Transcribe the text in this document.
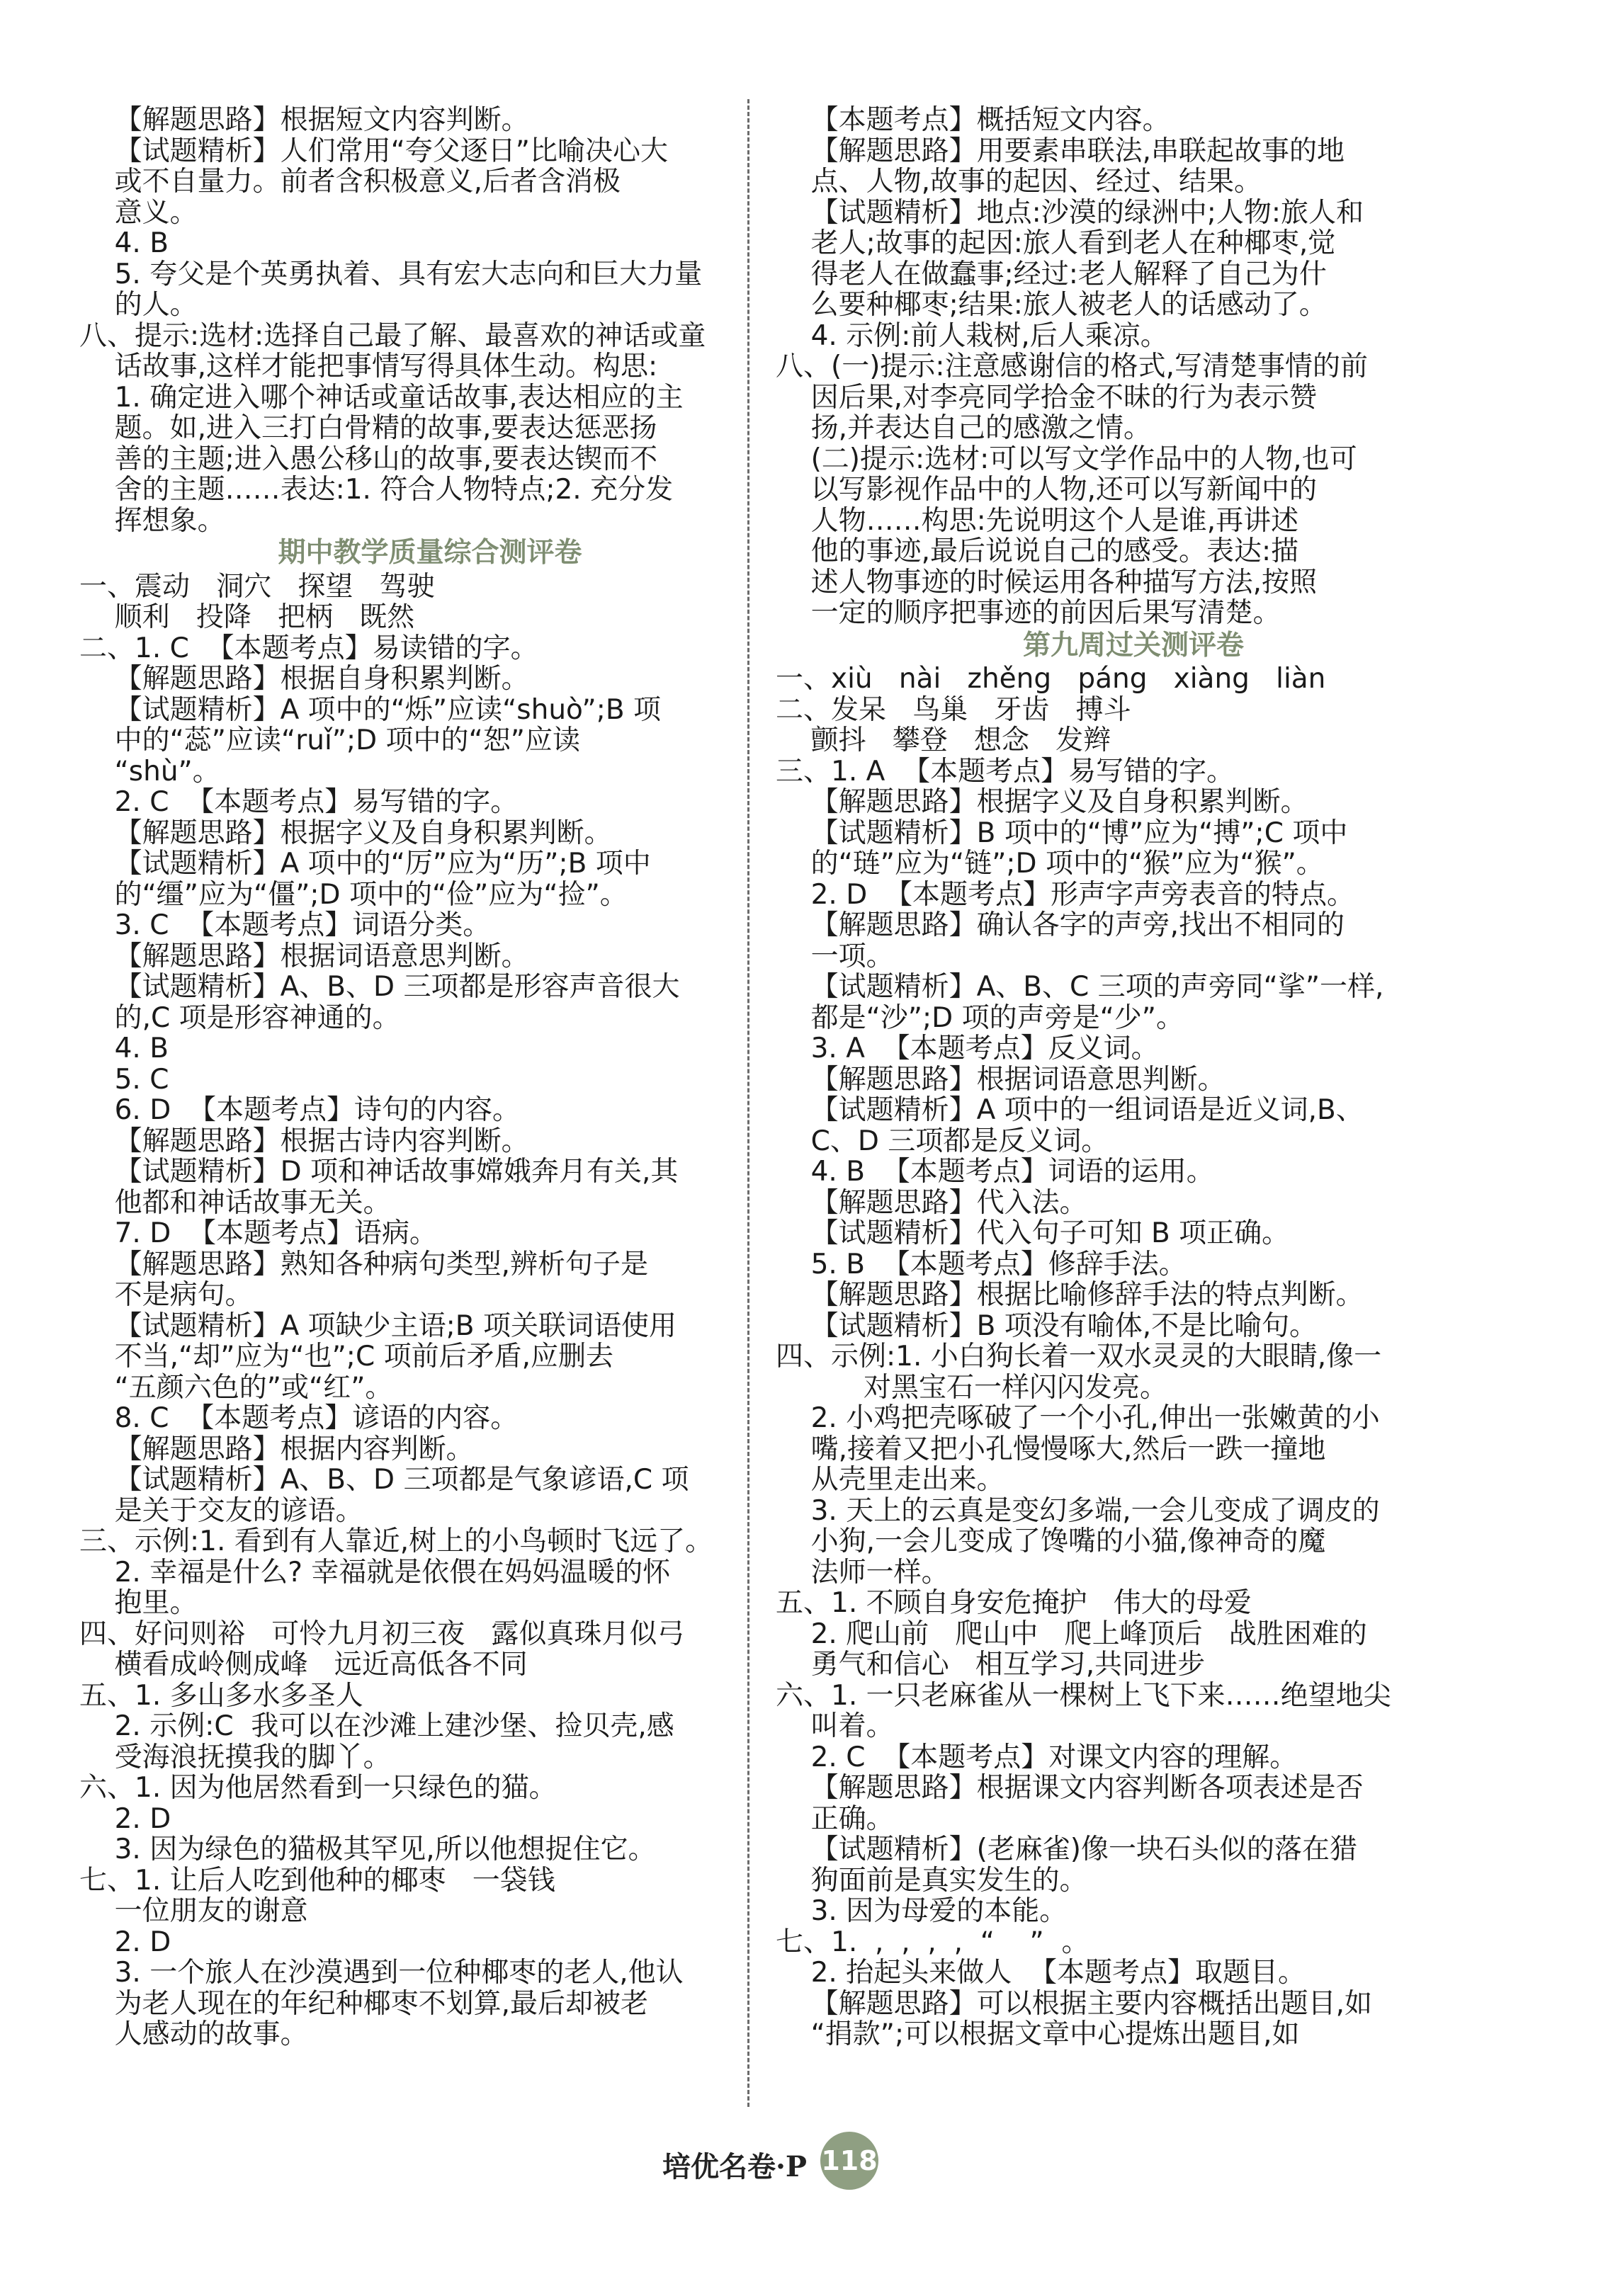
【解题思路】根据短文内容判断。
【试题精析】人们常用“夸父逐日”比喻决心大
或不自量力。前者含积极意义,后者含消极
意义。
4. B
5. 夸父是个英勇执着、具有宏大志向和巨大力量
的人。
八、提示:选材:选择自己最了解、最喜欢的神话或童
话故事,这样才能把事情写得具体生动。构思:
1. 确定进入哪个神话或童话故事,表达相应的主
题。如,进入三打白骨精的故事,要表达惩恶扬
善的主题;进入愚公移山的故事,要表达锲而不
舍的主题……表达:1. 符合人物特点;2. 充分发
挥想象。
期中教学质量综合测评卷
一、震动   洞穴   探望   驾驶
顺利   投降   把柄   既然
二、1. C  【本题考点】易读错的字。
【解题思路】根据自身积累判断。
【试题精析】A 项中的“烁”应读“shuò”;B 项
中的“蕊”应读“ruǐ”;D 项中的“恕”应读
“shù”。
2. C  【本题考点】易写错的字。
【解题思路】根据字义及自身积累判断。
【试题精析】A 项中的“厉”应为“历”;B 项中
的“缰”应为“僵”;D 项中的“俭”应为“捡”。
3. C  【本题考点】词语分类。
【解题思路】根据词语意思判断。
【试题精析】A、B、D 三项都是形容声音很大
的,C 项是形容神通的。
4. B
5. C
6. D  【本题考点】诗句的内容。
【解题思路】根据古诗内容判断。
【试题精析】D 项和神话故事嫦娥奔月有关,其
他都和神话故事无关。
7. D  【本题考点】语病。
【解题思路】熟知各种病句类型,辨析句子是
不是病句。
【试题精析】A 项缺少主语;B 项关联词语使用
不当,“却”应为“也”;C 项前后矛盾,应删去
“五颜六色的”或“红”。
8. C  【本题考点】谚语的内容。
【解题思路】根据内容判断。
【试题精析】A、B、D 三项都是气象谚语,C 项
是关于交友的谚语。
三、示例:1. 看到有人靠近,树上的小鸟顿时飞远了。
2. 幸福是什么? 幸福就是依偎在妈妈温暖的怀
抱里。
四、好问则裕   可怜九月初三夜   露似真珠月似弓
横看成岭侧成峰   远近高低各不同
五、1. 多山多水多圣人
2. 示例:C  我可以在沙滩上建沙堡、捡贝壳,感
受海浪抚摸我的脚丫。
六、1. 因为他居然看到一只绿色的猫。
2. D
3. 因为绿色的猫极其罕见,所以他想捉住它。
七、1. 让后人吃到他种的椰枣   一袋钱
一位朋友的谢意
2. D
3. 一个旅人在沙漠遇到一位种椰枣的老人,他认
为老人现在的年纪种椰枣不划算,最后却被老
人感动的故事。
【本题考点】概括短文内容。
【解题思路】用要素串联法,串联起故事的地
点、人物,故事的起因、经过、结果。
【试题精析】地点:沙漠的绿洲中;人物:旅人和
老人;故事的起因:旅人看到老人在种椰枣,觉
得老人在做蠢事;经过:老人解释了自己为什
么要种椰枣;结果:旅人被老人的话感动了。
4. 示例:前人栽树,后人乘凉。
八、(一)提示:注意感谢信的格式,写清楚事情的前
因后果,对李亮同学拾金不昧的行为表示赞
扬,并表达自己的感激之情。
(二)提示:选材:可以写文学作品中的人物,也可
以写影视作品中的人物,还可以写新闻中的
人物……构思:先说明这个人是谁,再讲述
他的事迹,最后说说自己的感受。表达:描
述人物事迹的时候运用各种描写方法,按照
一定的顺序把事迹的前因后果写清楚。
第九周过关测评卷
一、xiù   nài   zhěng   páng   xiàng   liàn
二、发呆   鸟巢   牙齿   搏斗
颤抖   攀登   想念   发辫
三、1. A  【本题考点】易写错的字。
【解题思路】根据字义及自身积累判断。
【试题精析】B 项中的“博”应为“搏”;C 项中
的“琏”应为“链”;D 项中的“猴”应为“猴”。
2. D  【本题考点】形声字声旁表音的特点。
【解题思路】确认各字的声旁,找出不相同的
一项。
【试题精析】A、B、C 三项的声旁同“挲”一样,
都是“沙”;D 项的声旁是“少”。
3. A  【本题考点】反义词。
【解题思路】根据词语意思判断。
【试题精析】A 项中的一组词语是近义词,B、
C、D 三项都是反义词。
4. B  【本题考点】词语的运用。
【解题思路】代入法。
【试题精析】代入句子可知 B 项正确。
5. B  【本题考点】修辞手法。
【解题思路】根据比喻修辞手法的特点判断。
【试题精析】B 项没有喻体,不是比喻句。
四、示例:1. 小白狗长着一双水灵灵的大眼睛,像一
对黑宝石一样闪闪发亮。
2. 小鸡把壳啄破了一个小孔,伸出一张嫩黄的小
嘴,接着又把小孔慢慢啄大,然后一跌一撞地
从壳里走出来。
3. 天上的云真是变幻多端,一会儿变成了调皮的
小狗,一会儿变成了馋嘴的小猫,像神奇的魔
法师一样。
五、1. 不顾自身安危掩护   伟大的母爱
2. 爬山前   爬山中   爬上峰顶后   战胜困难的
勇气和信心   相互学习,共同进步
六、1. 一只老麻雀从一棵树上飞下来……绝望地尖
叫着。
2. C  【本题考点】对课文内容的理解。
【解题思路】根据课文内容判断各项表述是否
正确。
【试题精析】(老麻雀)像一块石头似的落在猎
狗面前是真实发生的。
3. 因为母爱的本能。
七、1.  ,  ,  ,  ,  “    ”  。
2. 抬起头来做人  【本题考点】取题目。
【解题思路】可以根据主要内容概括出题目,如
“捐款”;可以根据文章中心提炼出题目,如
培优名卷·P 118
